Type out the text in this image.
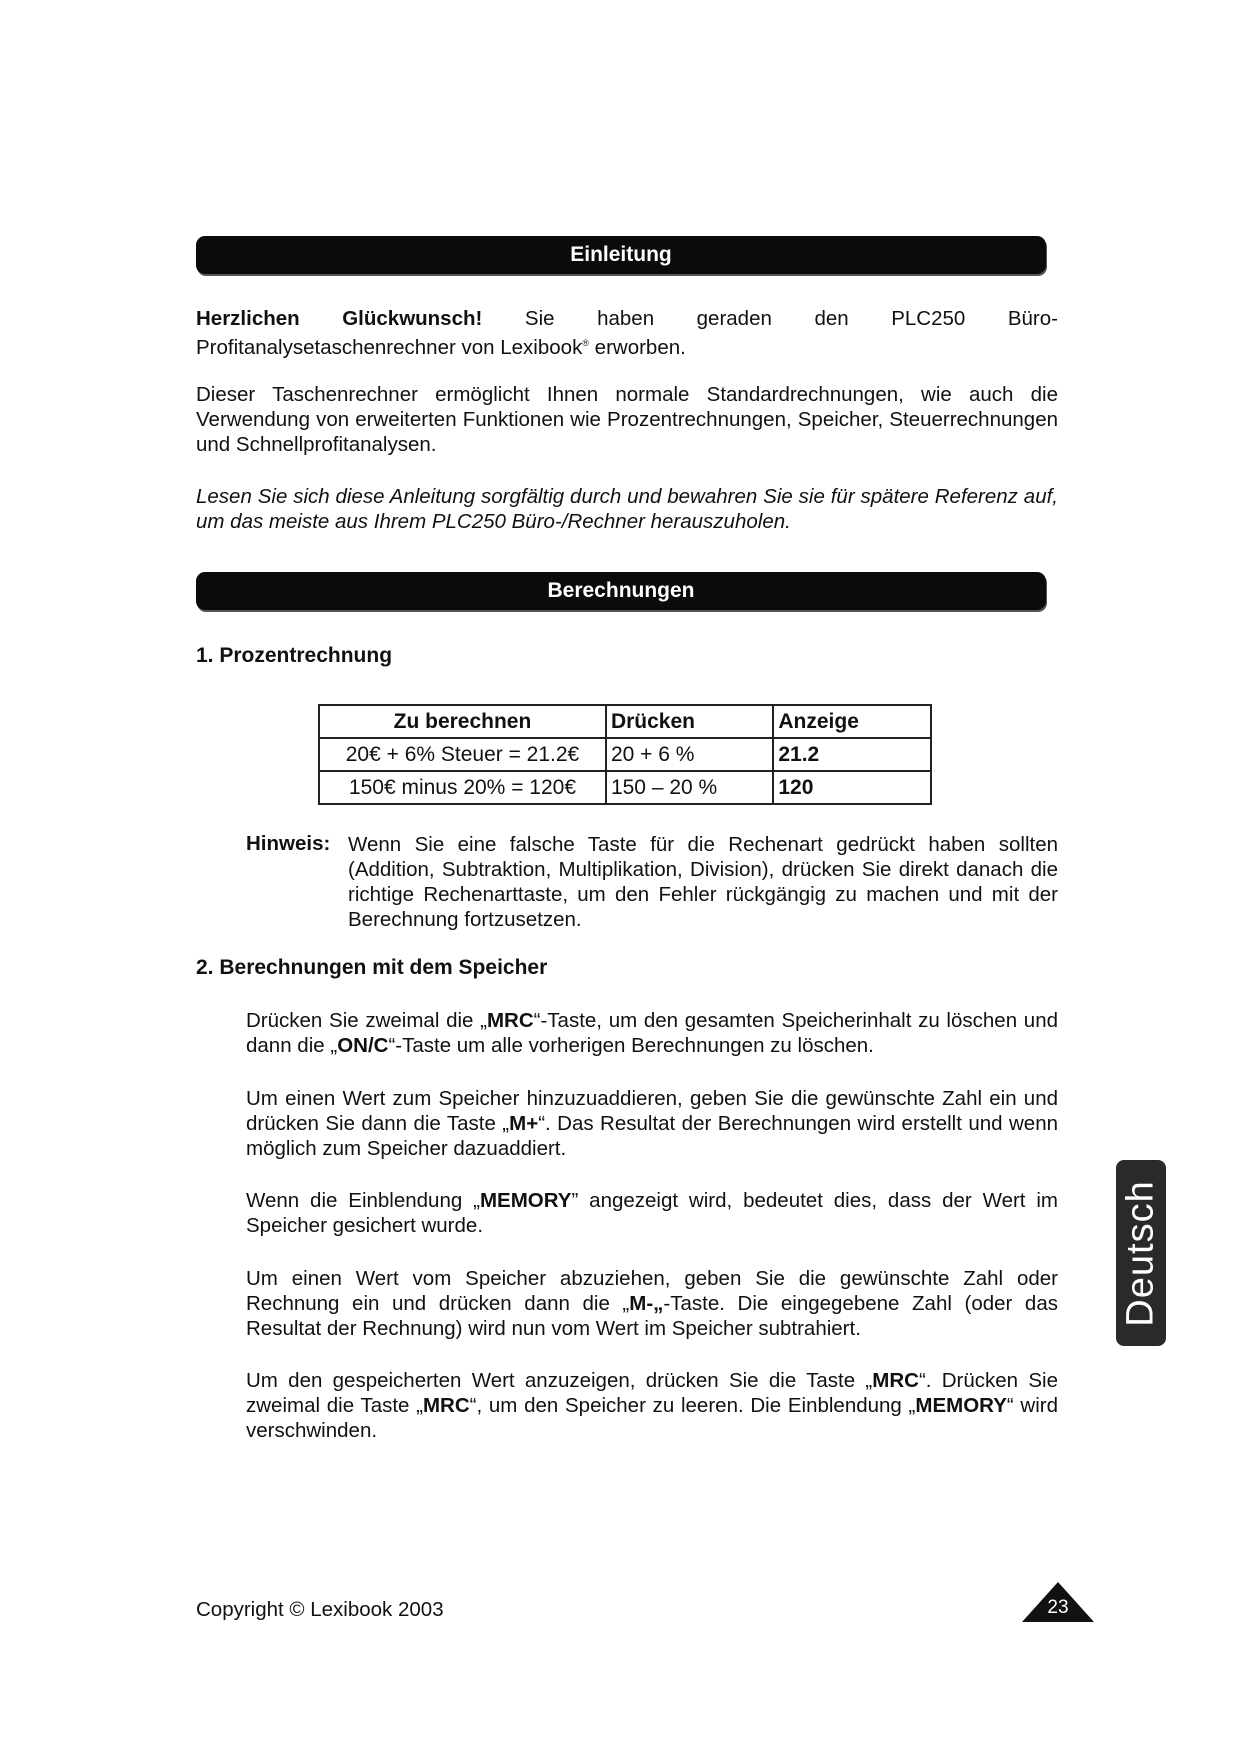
Einleitung
Herzlichen Glückwunsch! Sie haben geraden den PLC250 Büro-Profitanalysetaschenrechner von Lexibook® erworben.
Dieser Taschenrechner ermöglicht Ihnen normale Standardrechnungen, wie auch die Verwendung von erweiterten Funktionen wie Prozentrechnungen, Speicher, Steuerrechnungen und Schnellprofitanalysen.
Lesen Sie sich diese Anleitung sorgfältig durch und bewahren Sie sie für spätere Referenz auf, um das meiste aus Ihrem PLC250 Büro-/Rechner herauszuholen.
Berechnungen
1. Prozentrechnung
Zu berechnen	Drücken	Anzeige
20€ + 6% Steuer = 21.2€	20 + 6 %	21.2
150€ minus 20% = 120€	150 – 20 %	120
Hinweis: Wenn Sie eine falsche Taste für die Rechenart gedrückt haben sollten (Addition, Subtraktion, Multiplikation, Division), drücken Sie direkt danach die richtige Rechenarttaste, um den Fehler rückgängig zu machen und mit der Berechnung fortzusetzen.
2. Berechnungen mit dem Speicher
Drücken Sie zweimal die „MRC“-Taste, um den gesamten Speicherinhalt zu löschen und dann die „ON/C“-Taste um alle vorherigen Berechnungen zu löschen.
Um einen Wert zum Speicher hinzuzuaddieren, geben Sie die gewünschte Zahl ein und drücken Sie dann die Taste „M+“. Das Resultat der Berechnungen wird erstellt und wenn möglich zum Speicher dazuaddiert.
Wenn die Einblendung „MEMORY” angezeigt wird, bedeutet dies, dass der Wert im Speicher gesichert wurde.
Um einen Wert vom Speicher abzuziehen, geben Sie die gewünschte Zahl oder Rechnung ein und drücken dann die „M-„-Taste. Die eingegebene Zahl (oder das Resultat der Rechnung) wird nun vom Wert im Speicher subtrahiert.
Um den gespeicherten Wert anzuzeigen, drücken Sie die Taste „MRC“. Drücken Sie zweimal die Taste „MRC“, um den Speicher zu leeren. Die Einblendung „MEMORY“ wird verschwinden.
Deutsch
Copyright © Lexibook 2003	23
